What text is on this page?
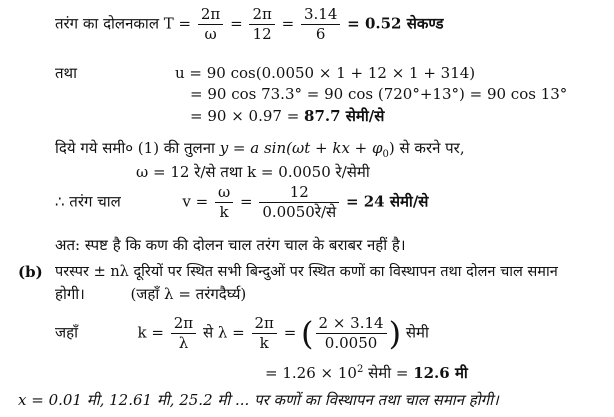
तरंग का दोलनकाल $T = \frac{2\pi}{\omega} = \frac{2\pi}{12} = \frac{3.14}{6} = 0.52$ सेकण्ड
तथा	u = 90 cos(0.0050 × 1 + 12 × 1 + 314)
= 90 cos 73.3° = 90 cos (720°+13°) = 90 cos 13°
= 90 × 0.97 = 87.7 सेमी/से
दिये गये समी० (1) की तुलना y = a sin(ωt + kx + $\varphi_0$) से करने पर,
ω = 12 रे/से तथा k = 0.0050 रे/सेमी
∴ तरंग चाल	$v = \frac{\omega}{k} = \frac{12}{\text{0.0050रे/से}} = 24$ सेमी/से
अत: स्पष्ट है कि कण की दोलन चाल तरंग चाल के बराबर नहीं है।
(b) परस्पर ± nλ दूरियों पर स्थित सभी बिन्दुओं पर स्थित कणों का विस्थापन तथा दोलन चाल समान
होगी।	(जहाँ λ = तरंगदैर्घ्य)
जहाँ	$k = \frac{2\pi}{\lambda}$ से $\lambda = \frac{2\pi}{k}$ = ( $\frac{2 \times 3.14}{0.0050}$ ) सेमी
= $1.26 \times 10^2$ सेमी = 12.6 मी
x = 0.01 मी, 12.61 मी, 25.2 मी ... पर कणों का विस्थापन तथा चाल समान होगी।
